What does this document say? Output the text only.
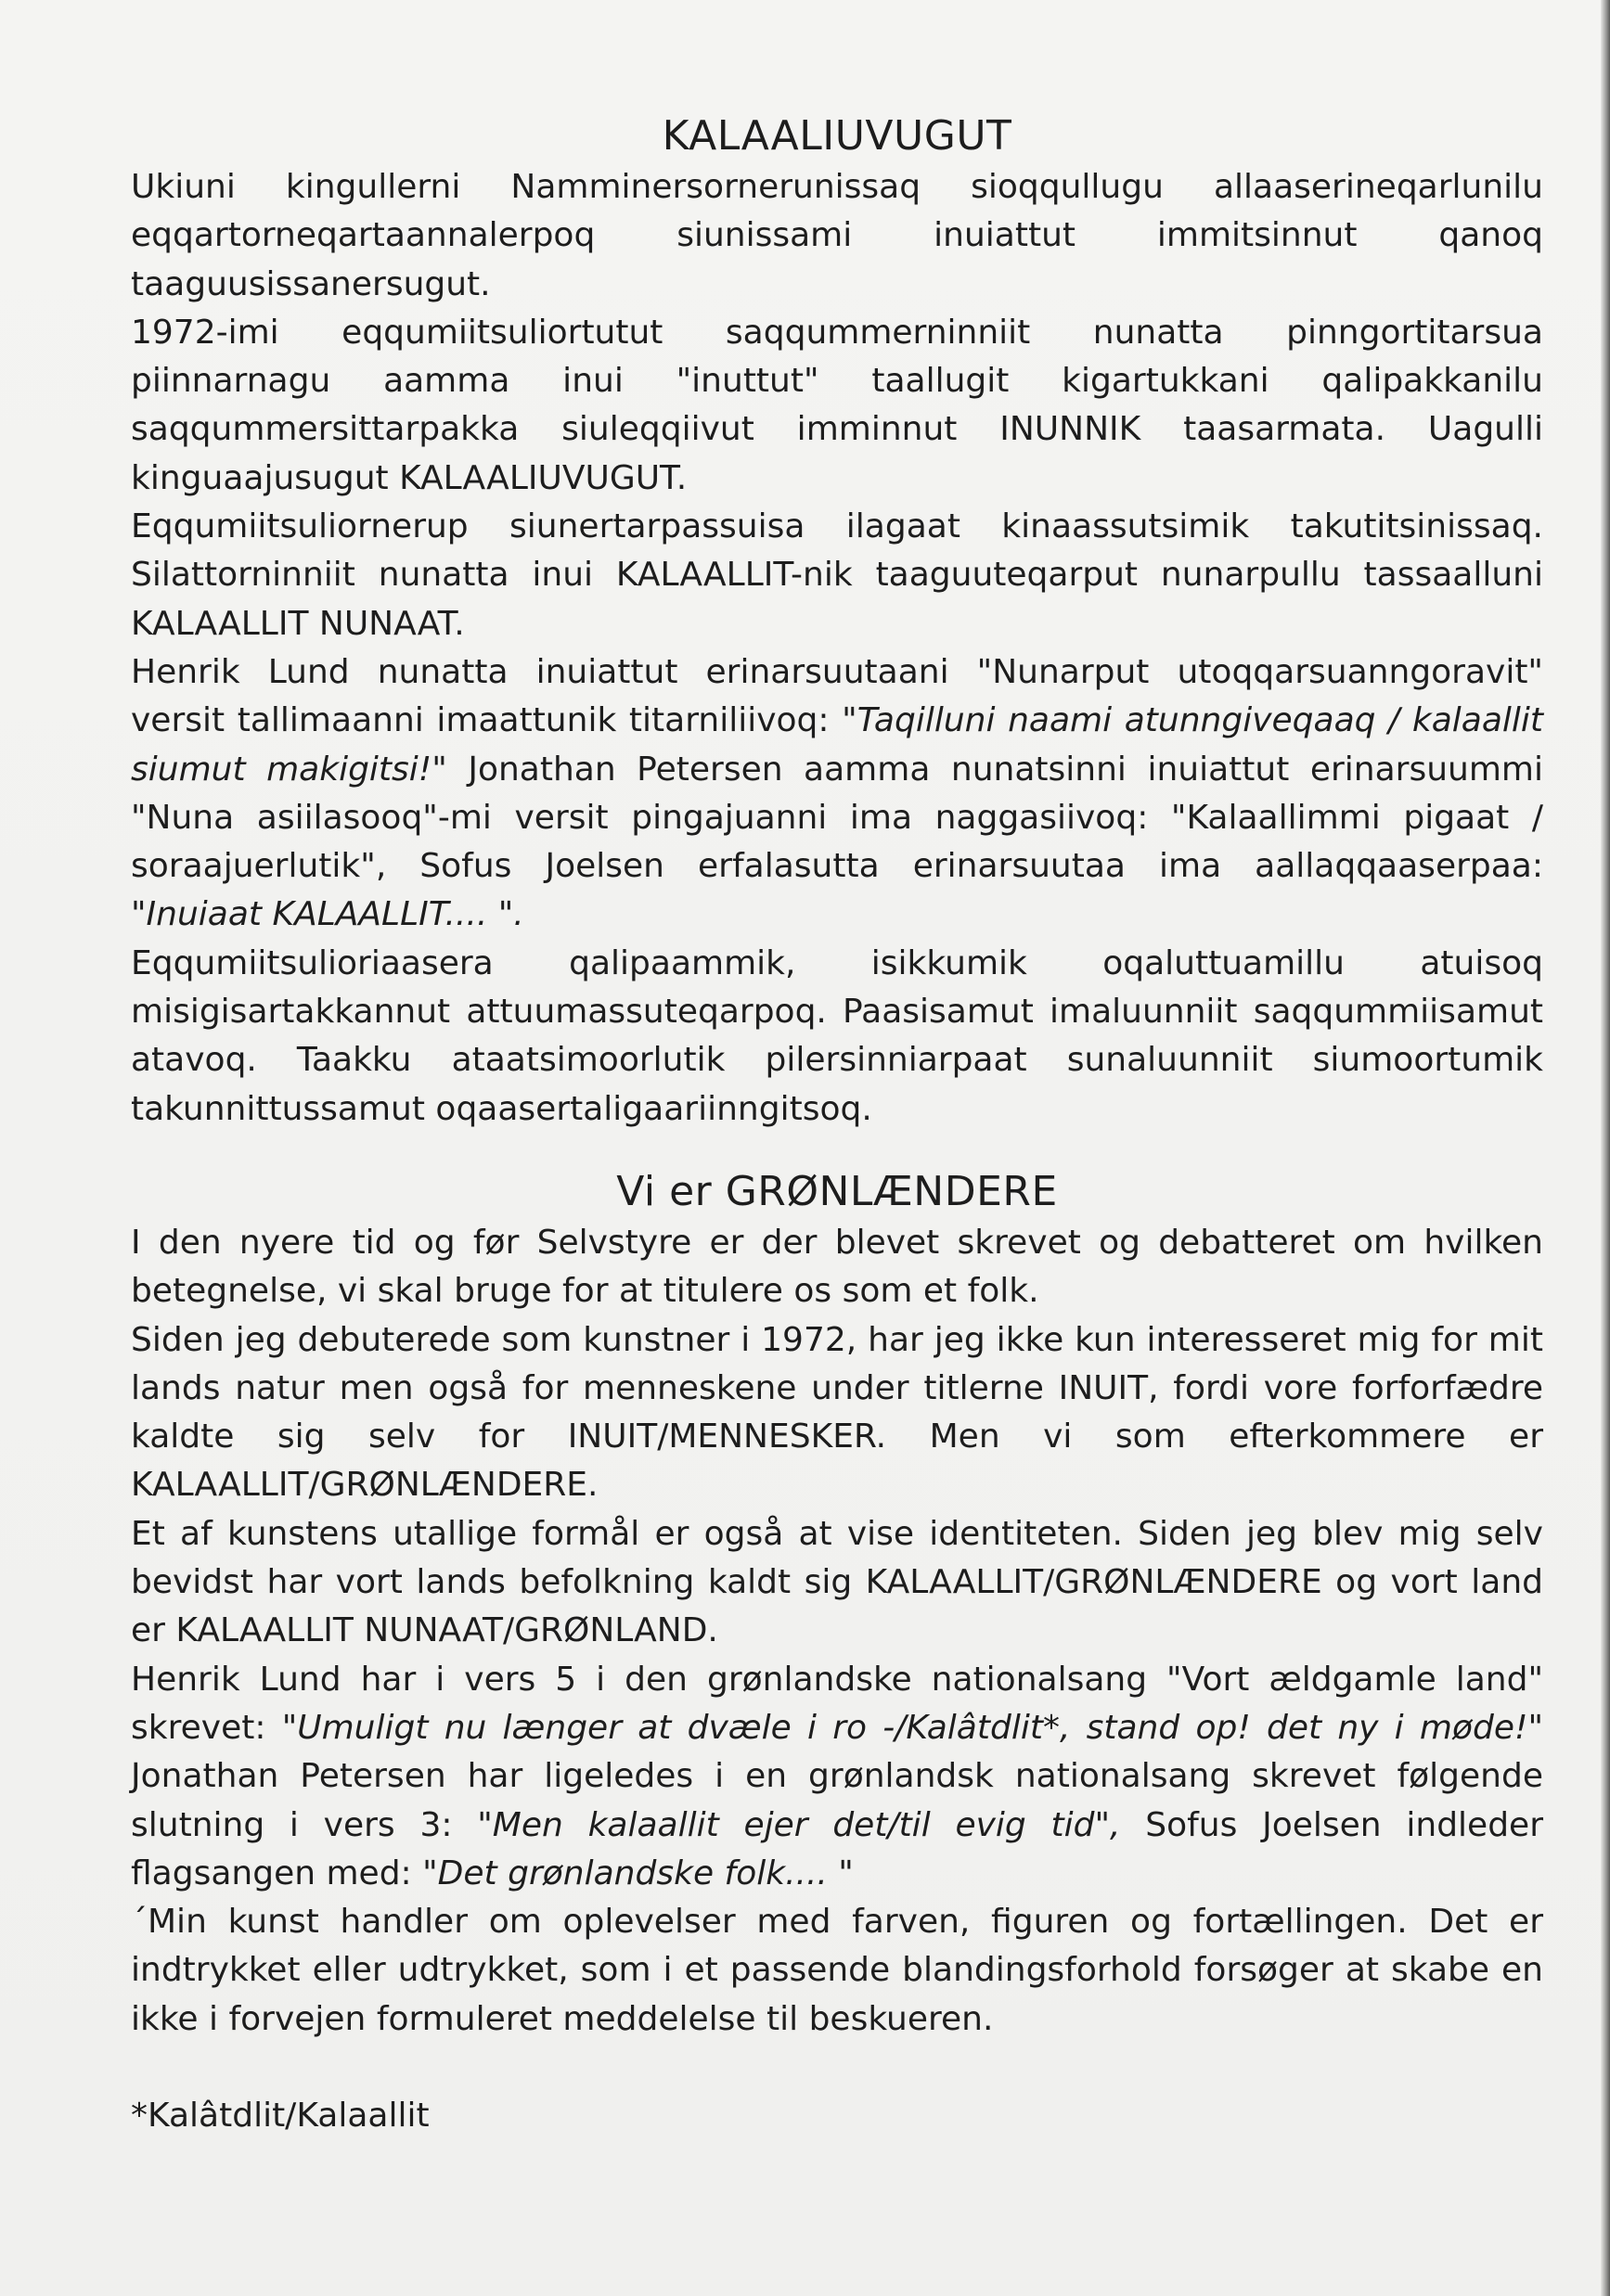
KALAALIUVUGUT

Ukiuni kingullerni Namminersornerunissaq sioqqullugu allaaserineqarlunilu eqqartorneqartaannalerpoq siunissami inuiattut immitsinnut qanoq taaguusissanersugut.

1972-imi eqqumiitsuliortutut saqqummerninniit nunatta pinngortitarsua piinnarnagu aamma inui "inuttut" taallugit kigartukkani qalipakkanilu saqqummersittarpakka siuleqqiivut imminnut INUNNIK taasarmata. Uagulli kinguaajusugut KALAALIUVUGUT.

Eqqumiitsuliornerup siunertarpassuisa ilagaat kinaassutsimik takutitsinissaq. Silattorninniit nunatta inui KALAALLIT-nik taaguuteqarput nunarpullu tassaalluni KALAALLIT NUNAAT.

Henrik Lund nunatta inuiattut erinarsuutaani "Nunarput utoqqarsuanngoravit" versit tallimaanni imaattunik titarniliivoq: "Taqilluni naami atunngiveqaaq / kalaallit siumut makigitsi!" Jonathan Petersen aamma nunatsinni inuiattut erinarsuummi "Nuna asiilasooq"-mi versit pingajuanni ima naggasiivoq: "Kalaallimmi pigaat / soraajuerlutik", Sofus Joelsen erfalasutta erinarsuutaa ima aallaqqaaserpaa: "Inuiaat KALAALLIT.... ".

Eqqumiitsulioriaasera qalipaammik, isikkumik oqaluttuamillu atuisoq misigisartakkannut attuumassuteqarpoq. Paasisamut imaluunniit saqqummiisamut atavoq. Taakku ataatsimoorlutik pilersinniarpaat sunaluunniit siumoortumik takunnittussamut oqaasertaligaariinngitsoq.

Vi er GRØNLÆNDERE

I den nyere tid og før Selvstyre er der blevet skrevet og debatteret om hvilken betegnelse, vi skal bruge for at titulere os som et folk.

Siden jeg debuterede som kunstner i 1972, har jeg ikke kun interesseret mig for mit lands natur men også for menneskene under titlerne INUIT, fordi vore forforfædre kaldte sig selv for INUIT/MENNESKER. Men vi som efterkommere er KALAALLIT/GRØNLÆNDERE.

Et af kunstens utallige formål er også at vise identiteten. Siden jeg blev mig selv bevidst har vort lands befolkning kaldt sig KALAALLIT/GRØNLÆNDERE og vort land er KALAALLIT NUNAAT/GRØNLAND.

Henrik Lund har i vers 5 i den grønlandske nationalsang "Vort ældgamle land" skrevet: "Umuligt nu længer at dvæle i ro -/Kalâtdlit*, stand op! det ny i møde!" Jonathan Petersen har ligeledes i en grønlandsk nationalsang skrevet følgende slutning i vers 3: "Men kalaallit ejer det/til evig tid", Sofus Joelsen indleder flagsangen med: "Det grønlandske folk.... "

´Min kunst handler om oplevelser med farven, figuren og fortællingen. Det er indtrykket eller udtrykket, som i et passende blandingsforhold forsøger at skabe en ikke i forvejen formuleret meddelelse til beskueren.

*Kalâtdlit/Kalaallit
